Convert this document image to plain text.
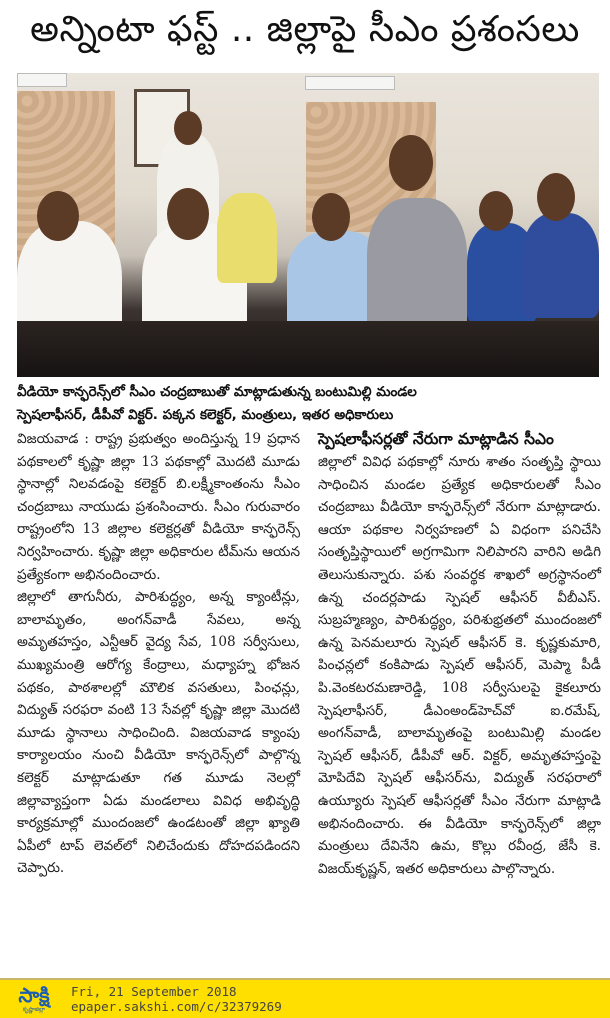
అన్నింటా ఫస్ట్‌ .. జిల్లాపై సీఎం ప్రశంసలు
వీడియో కాన్ఫరెన్స్‌లో సీఎం చంద్రబాబుతో మాట్లాడుతున్న బంటుమిల్లి మండల
స్పెషలాఫీసర్‌, డీపీవో విక్టర్‌. పక్కన కలెక్టర్‌, మంత్రులు, ఇతర అధికారులు

విజయవాడ : రాష్ట్ర ప్రభుత్వం అందిస్తున్న 19 ప్రధాన పథకాలలో కృష్ణా జిల్లా 13 పథకాల్లో మొదటి మూడు స్థానాల్లో నిలవడంపై కలెక్టర్‌ బి.లక్ష్మీకాంతంను సీఎం చంద్రబాబు నాయుడు ప్రశంసించారు. సీఎం గురువారం రాష్ట్రంలోని 13 జిల్లాల కలెక్టర్లతో వీడియో కాన్ఫరెన్స్‌ నిర్వహించారు. కృష్ణా జిల్లా అధికారుల టీమ్‌ను ఆయన ప్రత్యేకంగా అభినందించారు.

జిల్లాలో తాగునీరు, పారిశుద్ధ్యం, అన్న క్యాంటీన్లు, బాలామృతం, అంగన్‌వాడీ సేవలు, అన్న అమృతహస్తం, ఎన్టీఆర్‌ వైద్య సేవ, 108 సర్వీసులు, ముఖ్యమంత్రి ఆరోగ్య కేంద్రాలు, మధ్యాహ్న భోజన పథకం, పాఠశాలల్లో మౌలిక వసతులు, పింఛన్లు, విద్యుత్‌ సరఫరా వంటి 13 సేవల్లో కృష్ణా జిల్లా మొదటి మూడు స్థానాలు సాధించింది. విజయవాడ క్యాంపు కార్యాలయం నుంచి వీడియో కాన్ఫరెన్స్‌లో పాల్గొన్న కలెక్టర్‌ మాట్లాడుతూ గత మూడు నెలల్లో జిల్లావ్యాప్తంగా ఏడు మండలాలు వివిధ అభివృద్ధి కార్యక్రమాల్లో ముందంజలో ఉండటంతో జిల్లా ఖ్యాతి ఏపీలో టాప్‌ లెవల్‌లో నిలిచేందుకు దోహదపడిందని చెప్పారు.

స్పెషలాఫీసర్లతో నేరుగా మాట్లాడిన సీఎం

జిల్లాలో వివిధ పథకాల్లో నూరు శాతం సంతృప్తి స్థాయి సాధించిన మండల ప్రత్యేక అధికారులతో సీఎం చంద్రబాబు వీడియో కాన్ఫరెన్స్‌లో నేరుగా మాట్లాడారు. ఆయా పథకాల నిర్వహణలో ఏ విధంగా పనిచేసి సంతృప్తిస్థాయిలో అగ్రగామిగా నిలిపారని వారిని అడిగి తెలుసుకున్నారు. పశు సంవర్థక శాఖలో అగ్రస్థానంలో ఉన్న చందర్లపాడు స్పెషల్‌ ఆఫీసర్‌ వీబీఎస్‌. సుబ్రహ్మణ్యం, పారిశుద్ధ్యం, పరిశుభ్రతలో ముందంజలో ఉన్న పెనమలూరు స్పెషల్‌ ఆఫీసర్‌ కె. కృష్ణకుమారి, పింఛన్లలో కంకిపాడు స్పెషల్‌ ఆఫీసర్‌, మెప్మా పీడీ పి.వెంకటరమణారెడ్డి, 108 సర్వీసులపై కైకలూరు స్పెషలాఫీసర్‌, డీఎంఅండ్‌హెచ్‌వో ఐ.రమేష్‌, అంగన్‌వాడీ, బాలామృతంపై బంటుమిల్లి మండల స్పెషల్‌ ఆఫీసర్‌, డీపీవో ఆర్‌. విక్టర్‌, అమృతహస్తంపై మోపిదేవి స్పెషల్‌ ఆఫీసర్‌ను, విద్యుత్‌ సరఫరాలో ఉయ్యూరు స్పెషల్‌ ఆఫీసర్లతో సీఎం నేరుగా మాట్లాడి అభినందించారు. ఈ వీడియో కాన్ఫరెన్స్‌లో జిల్లా మంత్రులు దేవినేని ఉమ, కొల్లు రవీంద్ర, జేసీ కె. విజయ్‌కృష్ణన్‌, ఇతర అధికారులు పాల్గొన్నారు.

సాక్షి
కృష్ణాజిల్లా
Fri, 21 September 2018
epaper.sakshi.com/c/32379269
